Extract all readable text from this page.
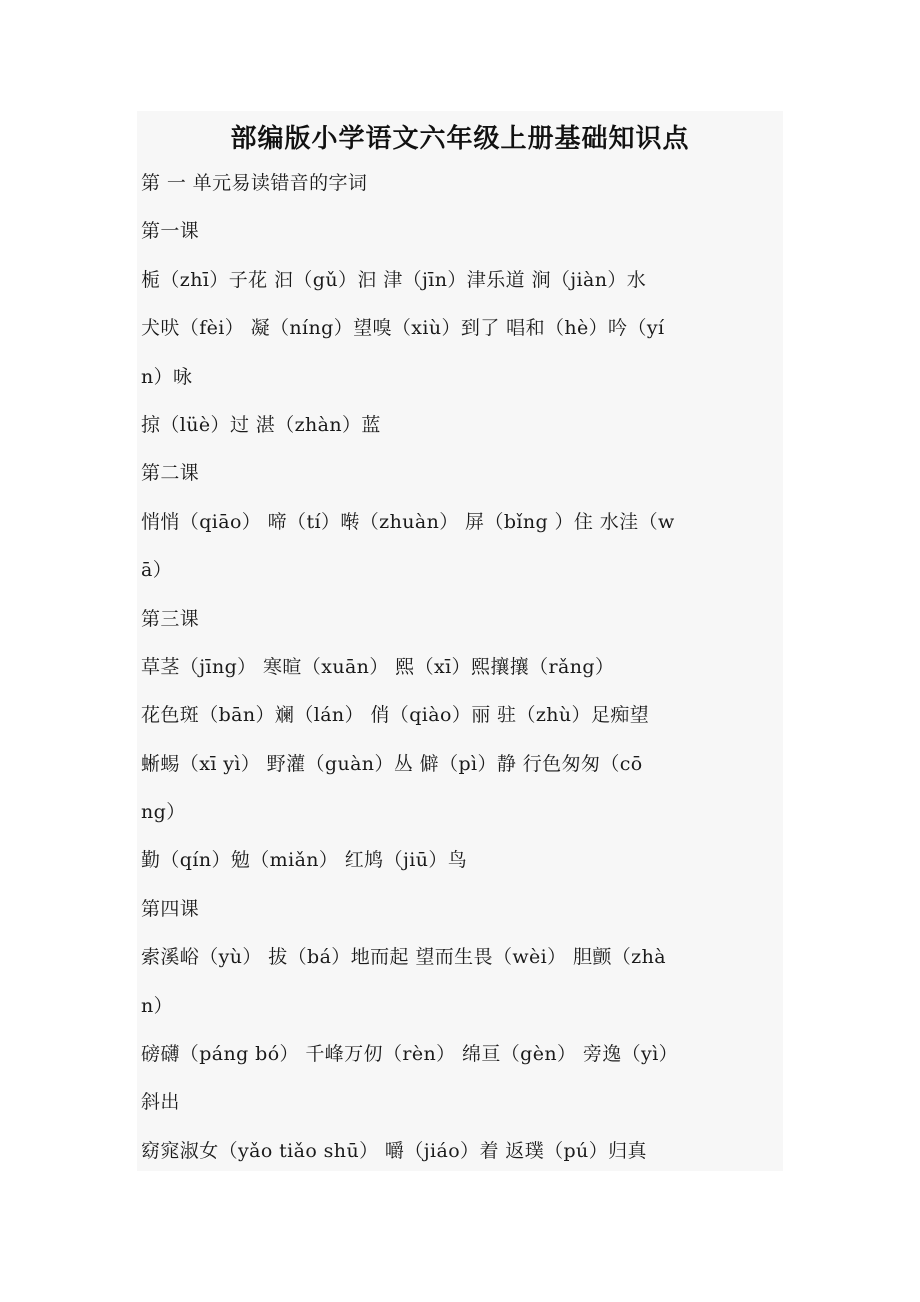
部编版小学语文六年级上册基础知识点
第 一 单元易读错音的字词
第一课
栀（zhī）子花 汩（gǔ）汩 津（jīn）津乐道 涧（jiàn）水
犬吠（fèi） 凝（níng）望嗅（xiù）到了 唱和（hè）吟（yí
n）咏
掠（lüè）过 湛（zhàn）蓝
第二课
悄悄（qiāo） 啼（tí）啭（zhuàn） 屏（bǐng ）住 水洼（w
ā）
第三课
草茎（jīng） 寒暄（xuān） 熙（xī）熙攘攘（rǎng）
花色斑（bān）斓（lán） 俏（qiào）丽 驻（zhù）足痴望
蜥蜴（xī yì） 野灌（guàn）丛 僻（pì）静 行色匆匆（cō
ng）
勤（qín）勉（miǎn） 红鸠（jiū）鸟
第四课
索溪峪（yù） 拔（bá）地而起 望而生畏（wèi） 胆颤（zhà
n）
磅礴（páng bó） 千峰万仞（rèn） 绵亘（gèn） 旁逸（yì）
斜出
窈窕淑女（yǎo tiǎo shū） 嚼（jiáo）着 返璞（pú）归真
